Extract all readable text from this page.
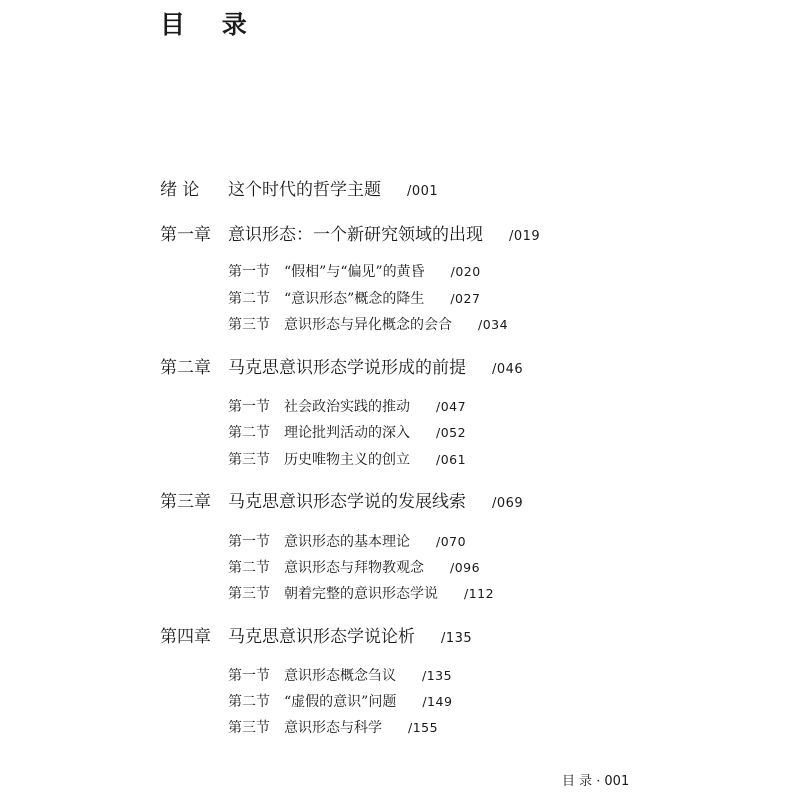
目 录
绪 论 这个时代的哲学主题 /001
第一章 意识形态：一个新研究领域的出现 /019
第一节 “假相”与“偏见”的黄昏 /020
第二节 “意识形态”概念的降生 /027
第三节 意识形态与异化概念的会合 /034
第二章 马克思意识形态学说形成的前提 /046
第一节 社会政治实践的推动 /047
第二节 理论批判活动的深入 /052
第三节 历史唯物主义的创立 /061
第三章 马克思意识形态学说的发展线索 /069
第一节 意识形态的基本理论 /070
第二节 意识形态与拜物教观念 /096
第三节 朝着完整的意识形态学说 /112
第四章 马克思意识形态学说论析 /135
第一节 意识形态概念刍议 /135
第二节 “虚假的意识”问题 /149
第三节 意识形态与科学 /155
目 录 · 001
